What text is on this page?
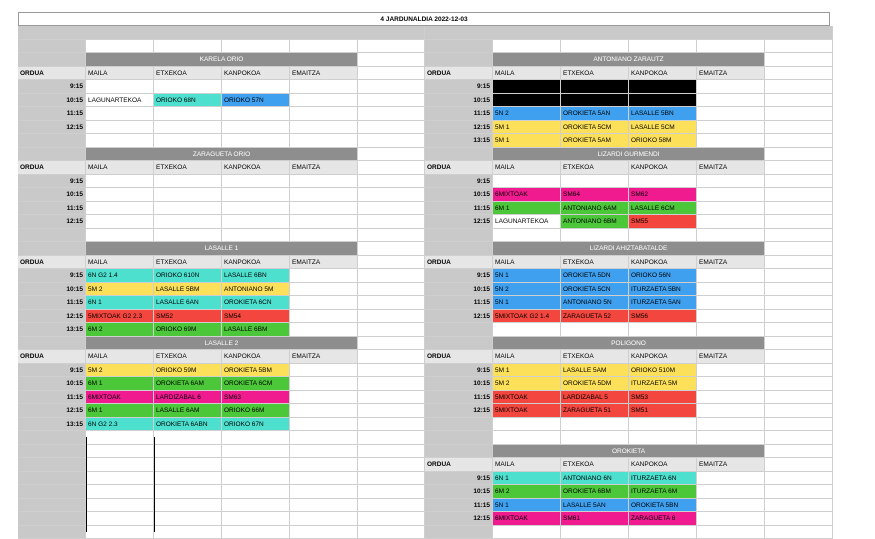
4 JARDUNALDIA 2022-12-03
KARELA ORIO
ORDUA	MAILA	ETXEKOA	KANPOKOA	EMAITZA
9:15
10:15 LAGUNARTEKOA	ORIOKO 68N	ORIOKO 57N
11:15
12:15
ZARAGUETA ORIO
ORDUA	MAILA	ETXEKOA	KANPOKOA	EMAITZA
9:15
10:15
11:15
12:15
LASALLE 1
ORDUA	MAILA	ETXEKOA	KANPOKOA	EMAITZA
9:15 6N G2 1.4	ORIOKO 610N	LASALLE 6BN
10:15 5M 2	LASALLE 5BM	ANTONIANO 5M
11:15 6N 1	LASALLE 6AN	OROKIETA 6CN
12:15 5MIXTOAK G2 2.3	SM52	SM54
13:15 6M 2	ORIOKO 69M	LASALLE 6BM
LASALLE 2
ORDUA	MAILA	ETXEKOA	KANPOKOA	EMAITZA
9:15 5M 2	ORIOKO 59M	OROKIETA 5BM
10:15 6M 1	OROKIETA 6AM	OROKIETA 6CM
11:15 6MIXTOAK	LARDIZABAL 6	SM63
12:15 6M 1	LASALLE 6AM	ORIOKO 66M
13:15 6N G2 2.3	OROKIETA 6ABN	ORIOKO 67N
ANTONIANO ZARAUTZ
ORDUA	MAILA	ETXEKOA	KANPOKOA	EMAITZA
9:15
10:15
11:15 5N 2	OROKIETA 5AN	LASALLE 5BN
12:15 5M 1	OROKIETA 5CM	LASALLE 5CM
13:15 5M 1	OROKIETA 5AM	ORIOKO 58M
LIZARDI GURMENDI
ORDUA	MAILA	ETXEKOA	KANPOKOA	EMAITZA
9:15
10:15 6MIXTOAK	SM64	SM62
11:15 6M 1	ANTONIANO 6AM	LASALLE 6CM
12:15 LAGUNARTEKOA	ANTONIANO 6BM	SM55
LIZARDI AHIZTABATALDE
ORDUA	MAILA	ETXEKOA	KANPOKOA	EMAITZA
9:15 5N 1	OROKIETA 5DN	ORIOKO 56N
10:15 5N 2	OROKIETA 5CN	ITURZAETA 5BN
11:15 5N 1	ANTONIANO 5N	ITURZAETA 5AN
12:15 5MIXTOAK G2 1.4	ZARAGUETA 52	SM56
POLIGONO
ORDUA	MAILA	ETXEKOA	KANPOKOA	EMAITZA
9:15 5M 1	LASALLE 5AM	ORIOKO 510M
10:15 5M 2	OROKIETA 5DM	ITURZAETA 5M
11:15 5MIXTOAK	LARDIZABAL 5	SM53
12:15 5MIXTOAK	ZARAGUETA 51	SM51
OROKIETA
ORDUA	MAILA	ETXEKOA	KANPOKOA	EMAITZA
9:15 6N 1	ANTONIANO 6N	ITURZAETA 6N
10:15 6M 2	OROKIETA 6BM	ITURZAETA 6M
11:15 5N 1	LASALLE 5AN	OROKIETA 5BN
12:15 6MIXTOAK	SM61	ZARAGUETA 6
